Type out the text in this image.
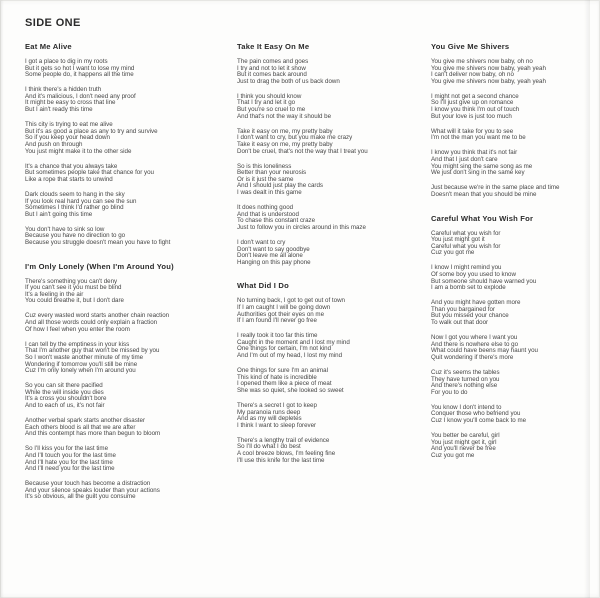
SIDE ONE
Eat Me Alive

I got a place to dig in my roots
But it gets so hot I want to lose my mind
Some people do, it happens all the time

I think there's a hidden truth
And it's malicious, I don't need any proof
It might be easy to cross that line
But I ain't ready this time

This city is trying to eat me alive
But it's as good a place as any to try and survive
So if you keep your head down
And push on through
You just might make it to the other side

It's a chance that you always take
But sometimes people take that chance for you
Like a rope that starts to unwind

Dark clouds seem to hang in the sky
If you look real hard you can see the sun
Sometimes I think I'd rather go blind
But I ain't going this time

You don't have to sink so low
Because you have no direction to go
Because you struggle doesn't mean you have to fight

I'm Only Lonely (When I'm Around You)

There's something you can't deny
If you can't see it you must be blind
It's a feeling in the air
You could breathe it, but I don't dare

Cuz every wasted word starts another chain reaction
And all those words could only explain a fraction
Of how I feel when you enter the room

I can tell by the emptiness in your kiss
That I'm another guy that won't be missed by you
So I won't waste another minute of my time
Wondering if tomorrow you'll still be mine
Cuz I'm only lonely when I'm around you

So you can sit there pacified
While the will inside you dies
It's a cross you shouldn't bore
And to each of us, it's not fair

Another verbal spark starts another disaster
Each others blood is all that we are after
And this contempt has more than begun to bloom

So I'll kiss you for the last time
And I'll touch you for the last time
And I'll hate you for the last time
And I'll need you for the last time

Because your touch has become a distraction
And your silence speaks louder than your actions
It's so obvious, all the guilt you consume

Take It Easy On Me

The pain comes and goes
I try and not to let it show
But it comes back around
Just to drag the both of us back down

I think you should know
That I try and let it go
But you're so cruel to me
And that's not the way it should be

Take it easy on me, my pretty baby
I don't want to cry, but you make me crazy
Take it easy on me, my pretty baby
Don't be cruel, that's not the way that I treat you

So is this loneliness
Better than your neurosis
Or is it just the same
And I should just play the cards
I was dealt in this game

It does nothing good
And that is understood
To chase this constant craze
Just to follow you in circles around in this maze

I don't want to cry
Don't want to say goodbye
Don't leave me all alone
Hanging on this pay phone

What Did I Do

No turning back, I got to get out of town
If I am caught I will be going down
Authorities got their eyes on me
If I am found I'll never go free

I really took it too far this time
Caught in the moment and I lost my mind
One things for certain, I'm not kind
And I'm out of my head, I lost my mind

One things for sure I'm an animal
This kind of hate is incredible
I opened them like a piece of meat
She was so quiet, she looked so sweet

There's a secret I got to keep
My paranoia runs deep
And as my will depletes
I think I want to sleep forever

There's a lengthy trail of evidence
So I'll do what I do best
A cool breeze blows, I'm feeling fine
I'll use this knife for the last time

You Give Me Shivers

You give me shivers now baby, oh no
You give me shivers now baby, yeah yeah
I can't deliver now baby, oh no
You give me shivers now baby, yeah yeah

I might not get a second chance
So I'll just give up on romance
I know you think I'm out of touch
But your love is just too much

What will it take for you to see
I'm not the man you want me to be

I know you think that it's not fair
And that I just don't care
You might sing the same song as me
We just don't sing in the same key

Just because we're in the same place and time
Doesn't mean that you should be mine

Careful What You Wish For

Careful what you wish for
You just might got it
Careful what you wish for
Cuz you got me

I know I might remind you
Of some boy you used to know
But someone should have warned you
I am a bomb set to explode

And you might have gotten more
Than you bargained for
But you missed your chance
To walk out that door

Now I got you where I want you
And there is nowhere else to go
What could have beens may haunt you
Quit wondering if there's more

Cuz it's seems the tables
They have turned on you
And there's nothing else
For you to do

You know I don't intend to
Conquer those who befriend you
Cuz I know you'll come back to me

You better be careful, girl
You just might get it, girl
And you'll never be free
Cuz you got me
